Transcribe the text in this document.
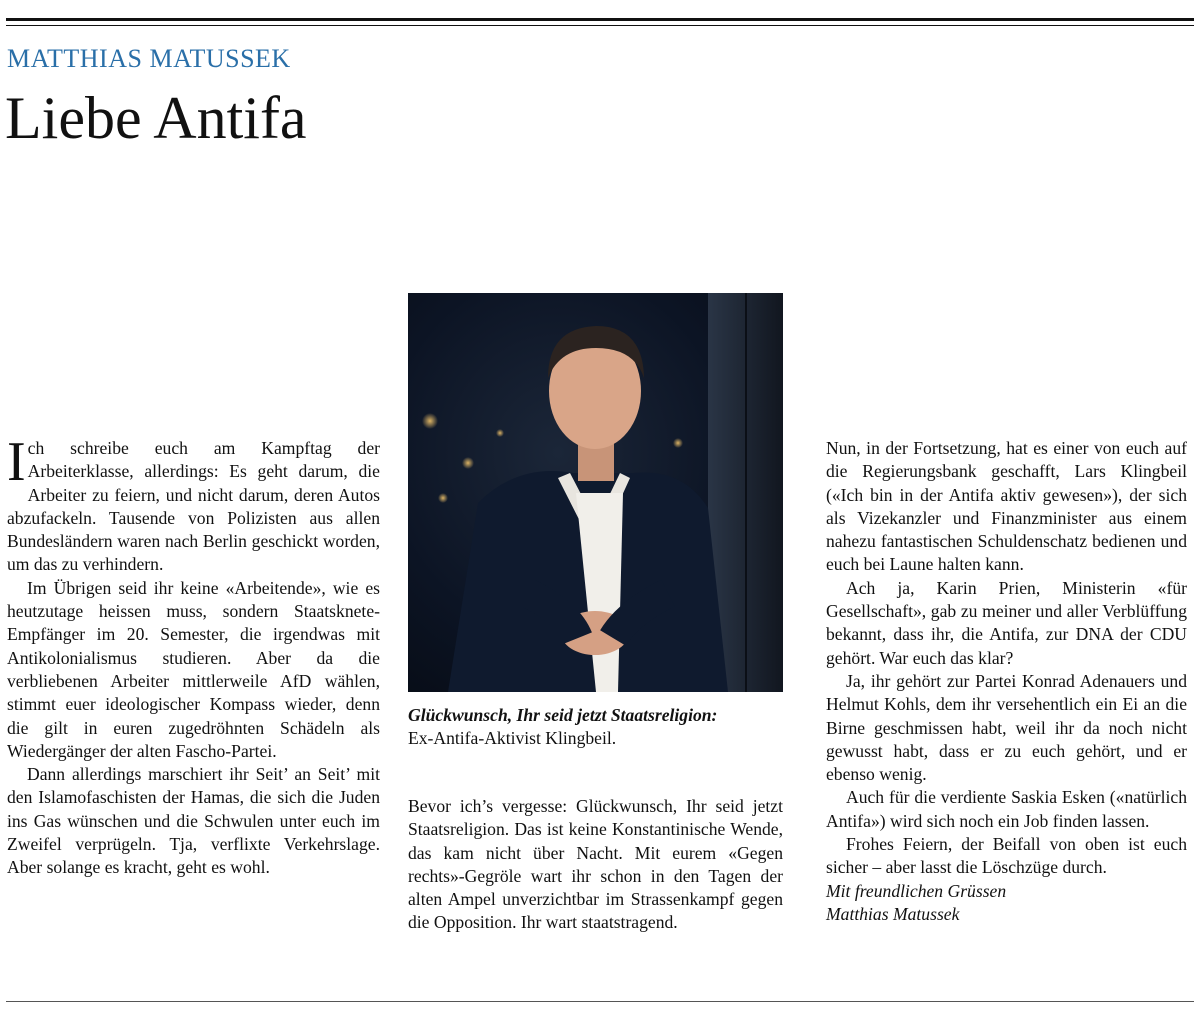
MATTHIAS MATUSSEK
Liebe Antifa

Ich schreibe euch am Kampftag der Arbeiterklasse, allerdings: Es geht darum, die Arbeiter zu feiern, und nicht darum, deren Autos abzufackeln. Tausende von Polizisten aus allen Bundesländern waren nach Berlin geschickt worden, um das zu verhindern.

Im Übrigen seid ihr keine «Arbeitende», wie es heutzutage heissen muss, sondern Staatsknete-Empfänger im 20. Semester, die irgendwas mit Antikolonialismus studieren. Aber da die verbliebenen Arbeiter mittlerweile AfD wählen, stimmt euer ideologischer Kompass wieder, denn die gilt in euren zugedröhnten Schädeln als Wiedergänger der alten Fascho-Partei.

Dann allerdings marschiert ihr Seit’ an Seit’ mit den Islamofaschisten der Hamas, die sich die Juden ins Gas wünschen und die Schwulen unter euch im Zweifel verprügeln. Tja, verflixte Verkehrslage. Aber solange es kracht, geht es wohl.

Glückwunsch, Ihr seid jetzt Staatsreligion:
Ex-Antifa-Aktivist Klingbeil.

Bevor ich’s vergesse: Glückwunsch, Ihr seid jetzt Staatsreligion. Das ist keine Konstantinische Wende, das kam nicht über Nacht. Mit eurem «Gegen rechts»-Gegröle wart ihr schon in den Tagen der alten Ampel unverzichtbar im Strassenkampf gegen die Opposition. Ihr wart staatstragend.

Nun, in der Fortsetzung, hat es einer von euch auf die Regierungsbank geschafft, Lars Klingbeil («Ich bin in der Antifa aktiv gewesen»), der sich als Vizekanzler und Finanzminister aus einem nahezu fantastischen Schuldenschatz bedienen und euch bei Laune halten kann.

Ach ja, Karin Prien, Ministerin «für Gesellschaft», gab zu meiner und aller Verblüffung bekannt, dass ihr, die Antifa, zur DNA der CDU gehört. War euch das klar?

Ja, ihr gehört zur Partei Konrad Adenauers und Helmut Kohls, dem ihr versehentlich ein Ei an die Birne geschmissen habt, weil ihr da noch nicht gewusst habt, dass er zu euch gehört, und er ebenso wenig.

Auch für die verdiente Saskia Esken («natürlich Antifa») wird sich noch ein Job finden lassen.

Frohes Feiern, der Beifall von oben ist euch sicher – aber lasst die Löschzüge durch.

Mit freundlichen Grüssen

Matthias Matussek
